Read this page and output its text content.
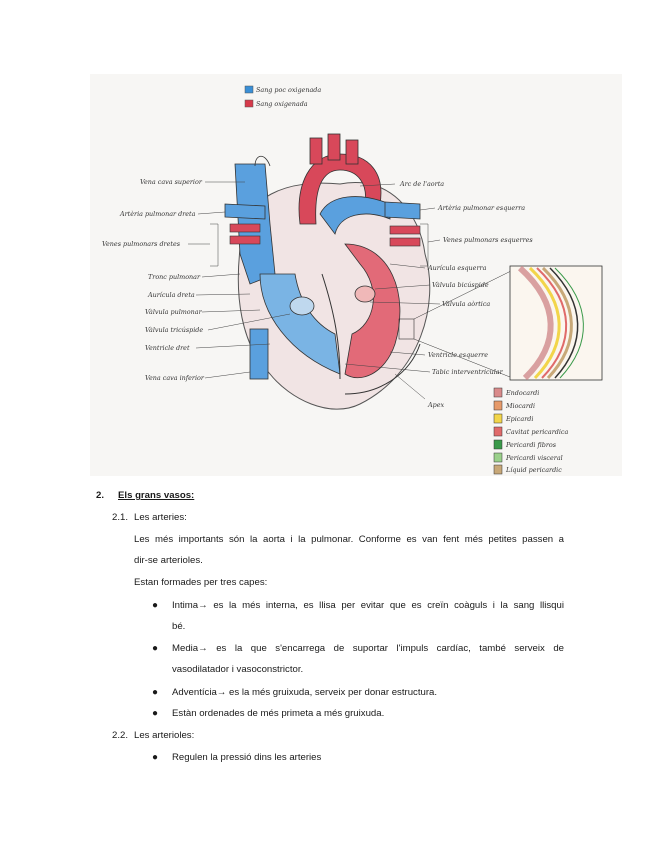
Sang poc oxigenada
Sang oxigenada
Vena cava superior
Artèria pulmonar dreta
Venes pulmonars dretes
Tronc pulmonar
Aurícula dreta
Vàlvula pulmonar
Vàlvula tricúspide
Ventricle dret
Vena cava inferior
Arc de l'aorta
Artèria pulmonar esquerra
Venes pulmonars esquerres
Aurícula esquerra
Vàlvula bicúspide
Vàlvula aòrtica
Ventricle esquerre
Tabic interventricular
Apex
Endocardi
Miocardi
Epicardi
Cavitat pericardica
Pericardi fibros
Pericardi visceral
Líquid pericardic
2. Els grans vasos:
2.1. Les arteries:
Les més importants són la aorta i la pulmonar. Conforme es van fent més petites passen a
dir-se arterioles.
Estan formades per tres capes:
●	Intima→ es la més interna, es llisa per evitar que es creïn coàguls i la sang llisqui
bé.
●	Media→ es la que s'encarrega de suportar l'impuls cardíac, també serveix de
vasodilatador i vasoconstrictor.
●	Adventícia→ es la més gruixuda, serveix per donar estructura.
●	Estàn ordenades de més primeta a més gruixuda.
2.2. Les arterioles:
●	Regulen la pressió dins les arteries
